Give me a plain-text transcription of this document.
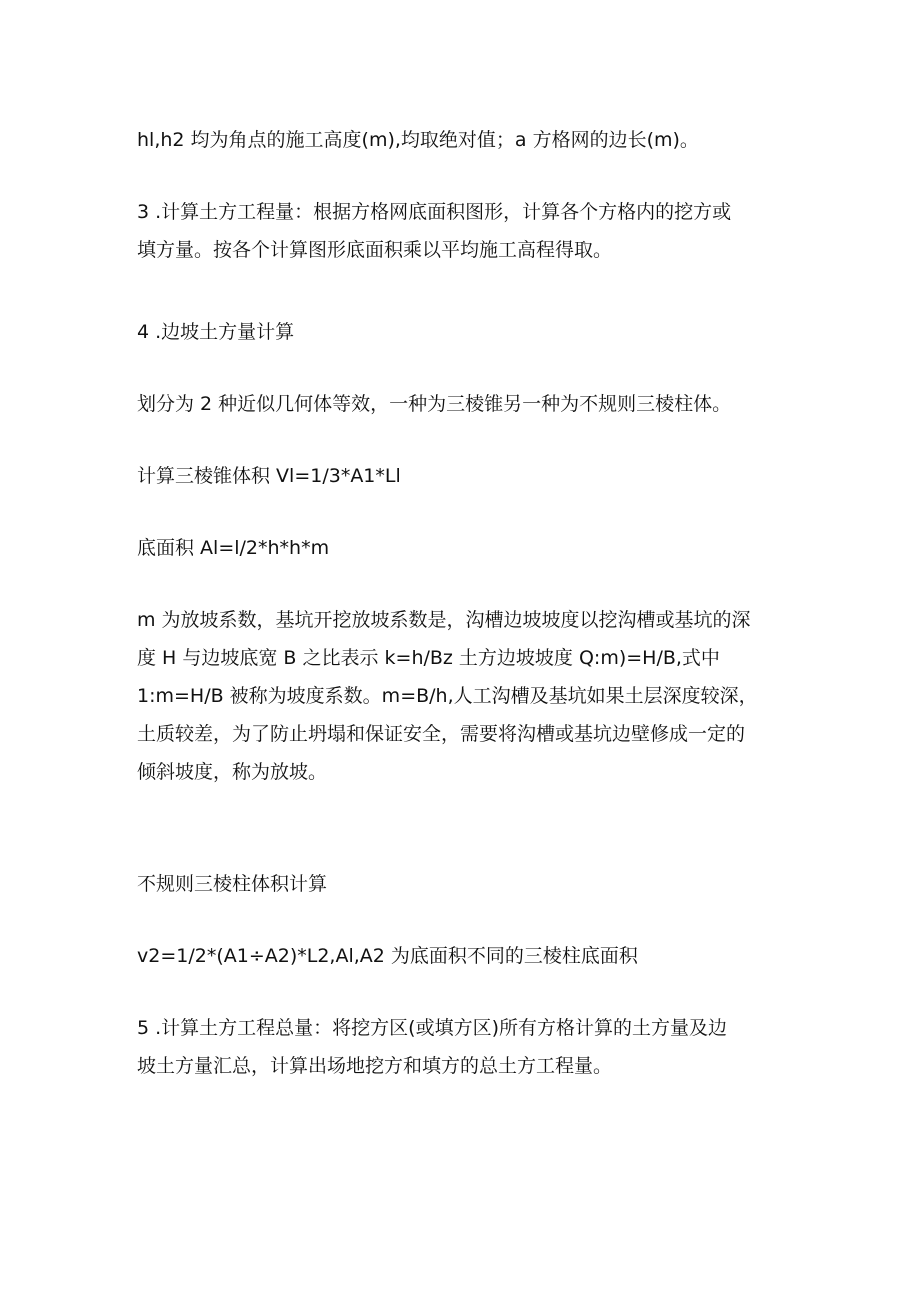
hl,h2 均为角点的施工高度(m),均取绝对值；a 方格网的边长(m)。

3 .计算土方工程量：根据方格网底面积图形，计算各个方格内的挖方或
填方量。按各个计算图形底面积乘以平均施工高程得取。

4 .边坡土方量计算

划分为 2 种近似几何体等效，一种为三棱锥另一种为不规则三棱柱体。

计算三棱锥体积 Vl=1/3*A1*Ll

底面积 Al=l/2*h*h*m

m 为放坡系数，基坑开挖放坡系数是，沟槽边坡坡度以挖沟槽或基坑的深
度 H 与边坡底宽 B 之比表示 k=h/Bz 土方边坡坡度 Q:m)=H/B,式中
1:m=H/B 被称为坡度系数。m=B/h,人工沟槽及基坑如果土层深度较深，
土质较差，为了防止坍塌和保证安全，需要将沟槽或基坑边壁修成一定的
倾斜坡度，称为放坡。

不规则三棱柱体积计算

v2=1/2*(A1÷A2)*L2,Al,A2 为底面积不同的三棱柱底面积

5 .计算土方工程总量：将挖方区(或填方区)所有方格计算的土方量及边
坡土方量汇总，计算出场地挖方和填方的总土方工程量。
